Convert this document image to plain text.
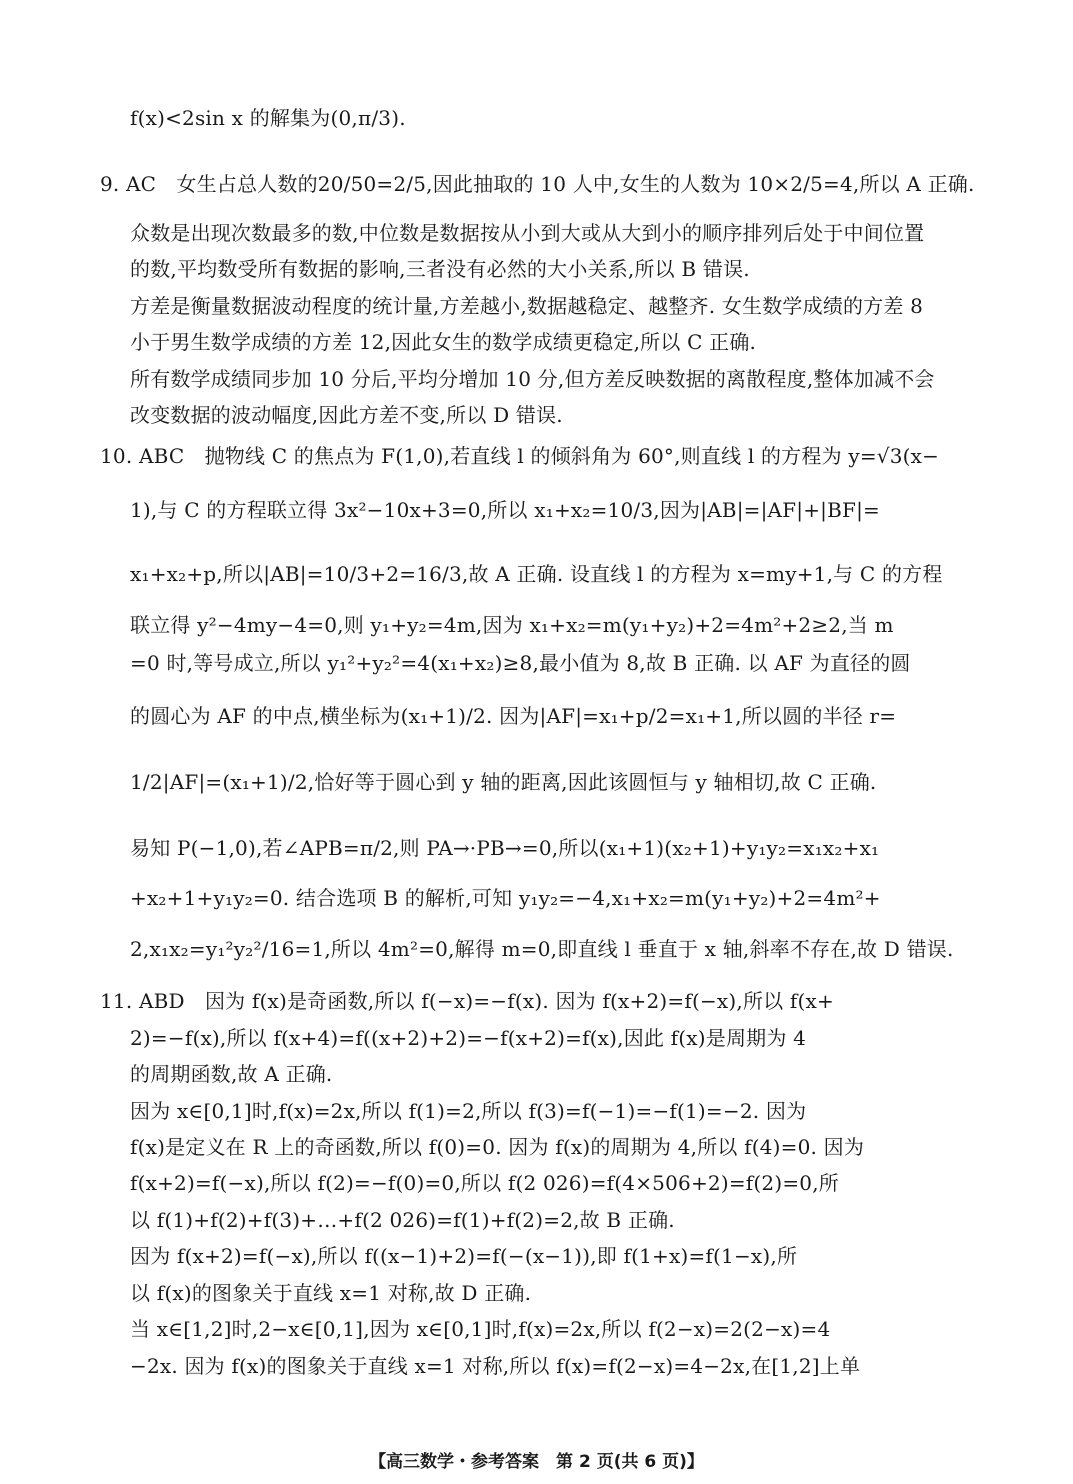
f(x)<2sin x 的解集为(0,π/3).
9. AC　女生占总人数的20/50=2/5,因此抽取的 10 人中,女生的人数为 10×2/5=4,所以 A 正确.
众数是出现次数最多的数,中位数是数据按从小到大或从大到小的顺序排列后处于中间位置
的数,平均数受所有数据的影响,三者没有必然的大小关系,所以 B 错误.
方差是衡量数据波动程度的统计量,方差越小,数据越稳定、越整齐. 女生数学成绩的方差 8
小于男生数学成绩的方差 12,因此女生的数学成绩更稳定,所以 C 正确.
所有数学成绩同步加 10 分后,平均分增加 10 分,但方差反映数据的离散程度,整体加减不会
改变数据的波动幅度,因此方差不变,所以 D 错误.
10. ABC　抛物线 C 的焦点为 F(1,0),若直线 l 的倾斜角为 60°,则直线 l 的方程为 y=√3(x−
1),与 C 的方程联立得 3x²−10x+3=0,所以 x₁+x₂=10/3,因为|AB|=|AF|+|BF|=
x₁+x₂+p,所以|AB|=10/3+2=16/3,故 A 正确. 设直线 l 的方程为 x=my+1,与 C 的方程
联立得 y²−4my−4=0,则 y₁+y₂=4m,因为 x₁+x₂=m(y₁+y₂)+2=4m²+2≥2,当 m
=0 时,等号成立,所以 y₁²+y₂²=4(x₁+x₂)≥8,最小值为 8,故 B 正确. 以 AF 为直径的圆
的圆心为 AF 的中点,横坐标为(x₁+1)/2. 因为|AF|=x₁+p/2=x₁+1,所以圆的半径 r=
1/2|AF|=(x₁+1)/2,恰好等于圆心到 y 轴的距离,因此该圆恒与 y 轴相切,故 C 正确.
易知 P(−1,0),若∠APB=π/2,则 PA→·PB→=0,所以(x₁+1)(x₂+1)+y₁y₂=x₁x₂+x₁
+x₂+1+y₁y₂=0. 结合选项 B 的解析,可知 y₁y₂=−4,x₁+x₂=m(y₁+y₂)+2=4m²+
2,x₁x₂=y₁²y₂²/16=1,所以 4m²=0,解得 m=0,即直线 l 垂直于 x 轴,斜率不存在,故 D 错误.
11. ABD　因为 f(x)是奇函数,所以 f(−x)=−f(x). 因为 f(x+2)=f(−x),所以 f(x+
2)=−f(x),所以 f(x+4)=f((x+2)+2)=−f(x+2)=f(x),因此 f(x)是周期为 4
的周期函数,故 A 正确.
因为 x∈[0,1]时,f(x)=2x,所以 f(1)=2,所以 f(3)=f(−1)=−f(1)=−2. 因为
f(x)是定义在 R 上的奇函数,所以 f(0)=0. 因为 f(x)的周期为 4,所以 f(4)=0. 因为
f(x+2)=f(−x),所以 f(2)=−f(0)=0,所以 f(2 026)=f(4×506+2)=f(2)=0,所
以 f(1)+f(2)+f(3)+…+f(2 026)=f(1)+f(2)=2,故 B 正确.
因为 f(x+2)=f(−x),所以 f((x−1)+2)=f(−(x−1)),即 f(1+x)=f(1−x),所
以 f(x)的图象关于直线 x=1 对称,故 D 正确.
当 x∈[1,2]时,2−x∈[0,1],因为 x∈[0,1]时,f(x)=2x,所以 f(2−x)=2(2−x)=4
−2x. 因为 f(x)的图象关于直线 x=1 对称,所以 f(x)=f(2−x)=4−2x,在[1,2]上单
【高三数学・参考答案　第 2 页(共 6 页)】
